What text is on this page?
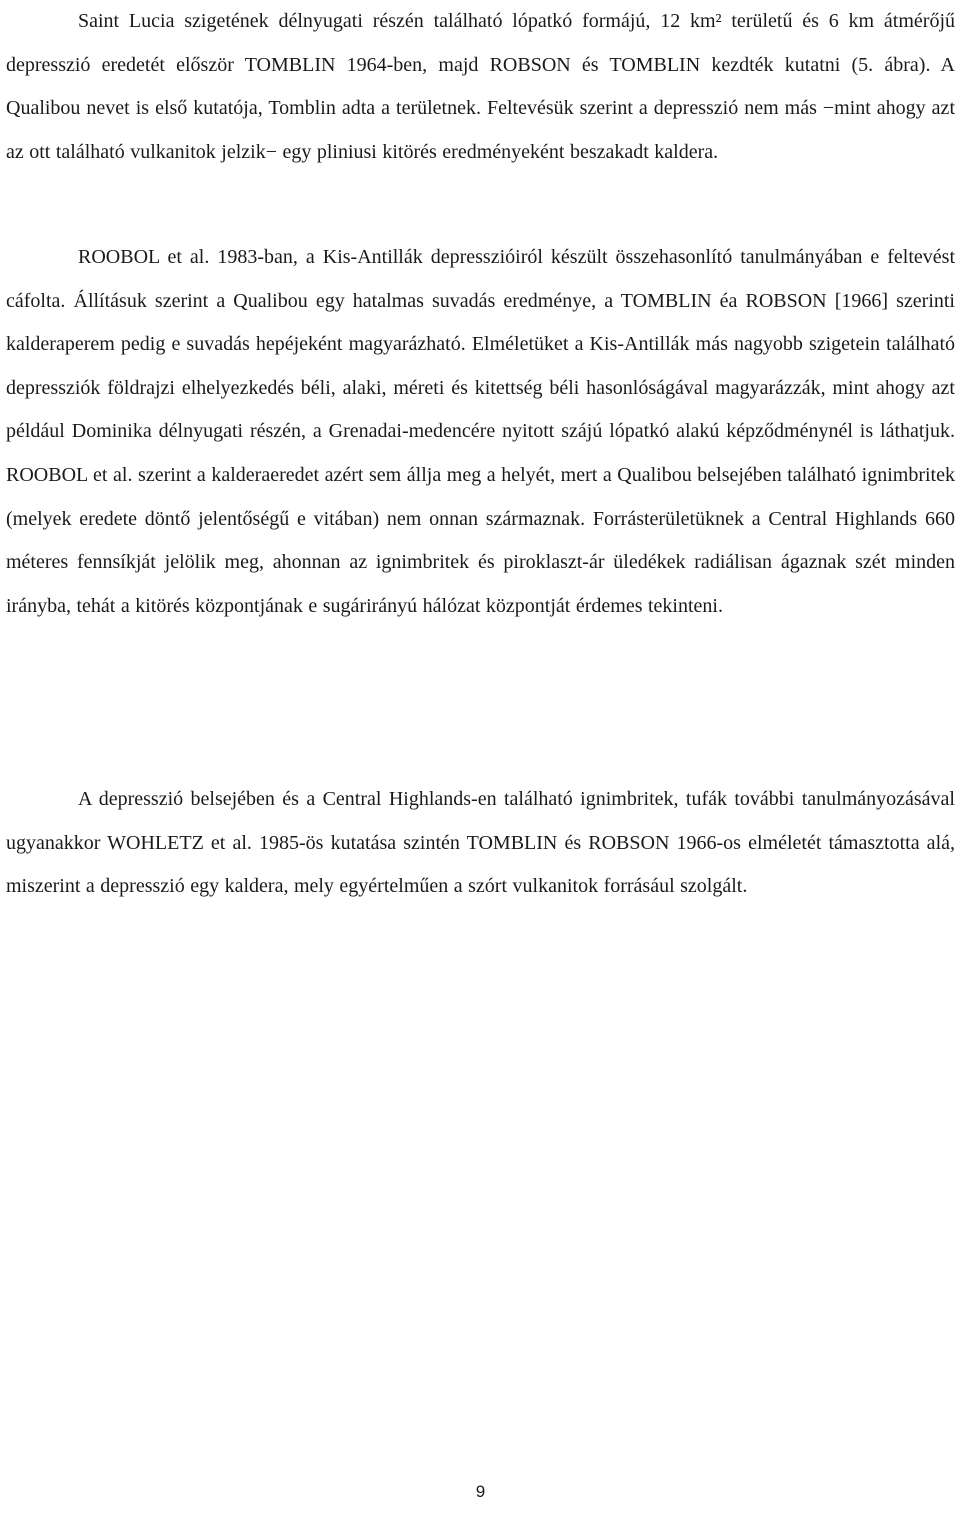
Saint Lucia szigetének délnyugati részén található lópatkó formájú, 12 km² területű és 6 km átmérőjű depresszió eredetét először TOMBLIN 1964-ben, majd ROBSON és TOMBLIN kezdték kutatni (5. ábra). A Qualibou nevet is első kutatója, Tomblin adta a területnek. Feltevésük szerint a depresszió nem más −mint ahogy azt az ott található vulkanitok jelzik− egy pliniusi kitörés eredményeként beszakadt kaldera.

ROOBOL et al. 1983-ban, a Kis-Antillák depresszióiról készült összehasonlító tanulmányában e feltevést cáfolta. Állításuk szerint a Qualibou egy hatalmas suvadás eredménye, a TOMBLIN éa ROBSON [1966] szerinti kalderaperem pedig e suvadás hepéjeként magyarázható. Elméletüket a Kis-Antillák más nagyobb szigetein található depressziók földrajzi elhelyezkedés béli, alaki, méreti és kitettség béli hasonlóságával magyarázzák, mint ahogy azt például Dominika délnyugati részén, a Grenadai-medencére nyitott szájú lópatkó alakú képződménynél is láthatjuk. ROOBOL et al. szerint a kalderaeredet azért sem állja meg a helyét, mert a Qualibou belsejében található ignimbritek (melyek eredete döntő jelentőségű e vitában) nem onnan származnak. Forrásterületüknek a Central Highlands 660 méteres fennsíkját jelölik meg, ahonnan az ignimbritek és piroklaszt-ár üledékek radiálisan ágaznak szét minden irányba, tehát a kitörés központjának e sugárirányú hálózat központját érdemes tekinteni.

A depresszió belsejében és a Central Highlands-en található ignimbritek, tufák további tanulmányozásával ugyanakkor WOHLETZ et al. 1985-ös kutatása szintén TOMBLIN és ROBSON 1966-os elméletét támasztotta alá, miszerint a depresszió egy kaldera, mely egyértelműen a szórt vulkanitok forrásául szolgált.

9
